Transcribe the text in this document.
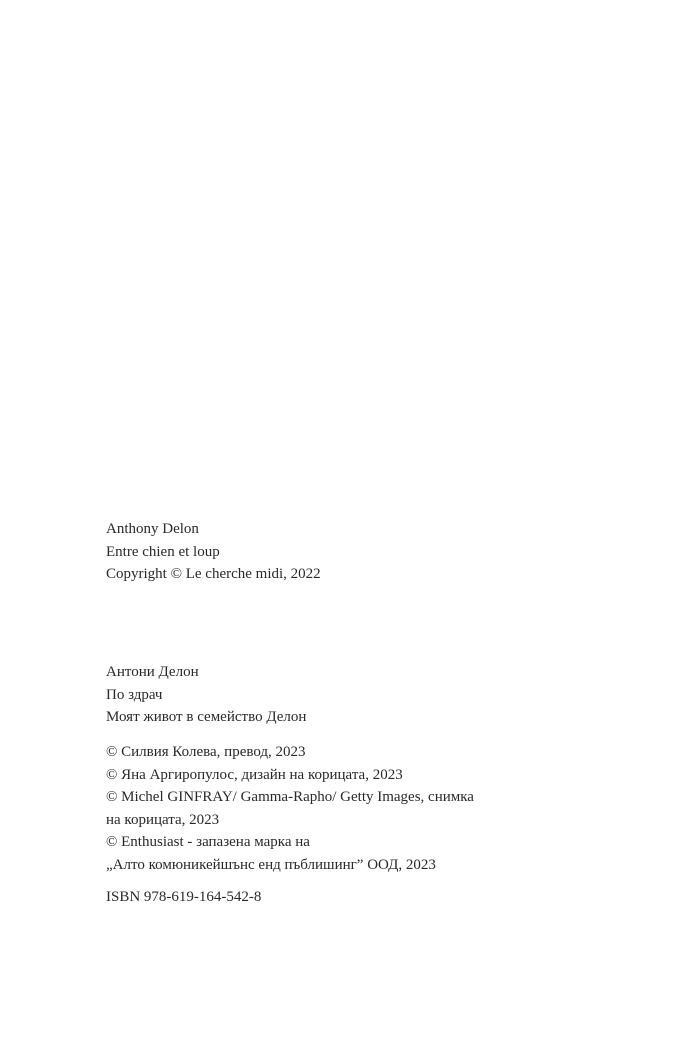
Anthony Delon
Entre chien et loup
Copyright © Le cherche midi, 2022
Антони Делон
По здрач
Моят живот в семейство Делон
© Силвия Колева, превод, 2023
© Яна Аргиропулос, дизайн на корицата, 2023
© Michel GINFRAY/ Gamma-Rapho/ Getty Images, снимка
на корицата, 2023
© Enthusiast - запазена марка на
„Алто комюникейшънс енд пъблишинг” ООД, 2023
ISBN 978-619-164-542-8
